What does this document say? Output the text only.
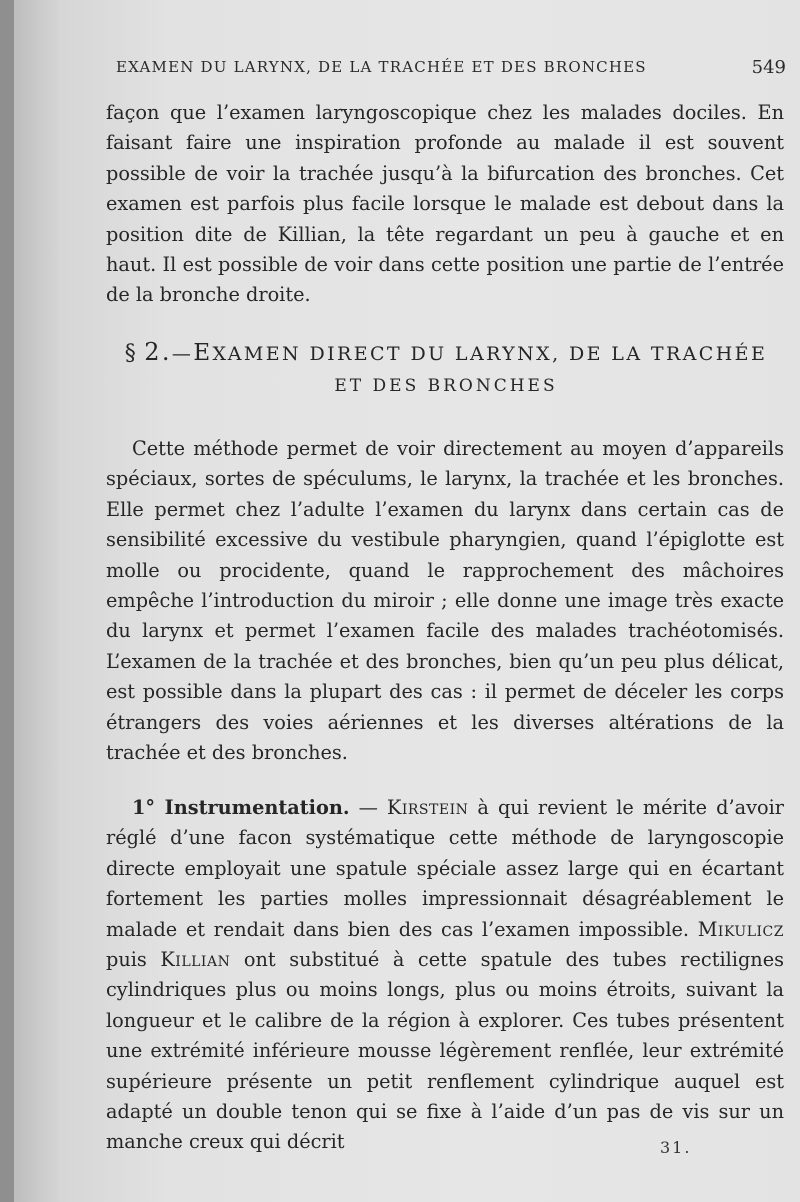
EXAMEN DU LARYNX, DE LA TRACHÉE ET DES BRONCHES	549

façon que l’examen laryngoscopique chez les malades dociles. En faisant faire une inspiration profonde au malade il est souvent possible de voir la trachée jusqu’à la bifurcation des bronches. Cet examen est parfois plus facile lorsque le malade est debout dans la position dite de Killian, la tête regardant un peu à gauche et en haut. Il est possible de voir dans cette position une partie de l’entrée de la bronche droite.

§ 2.—EXAMEN DIRECT DU LARYNX, DE LA TRACHÉE
ET DES BRONCHES

Cette méthode permet de voir directement au moyen d’appareils spéciaux, sortes de spéculums, le larynx, la trachée et les bronches. Elle permet chez l’adulte l’examen du larynx dans certain cas de sensibilité excessive du vestibule pharyngien, quand l’épiglotte est molle ou procidente, quand le rapprochement des mâchoires empêche l’introduction du miroir ; elle donne une image très exacte du larynx et permet l’examen facile des malades trachéotomisés. L’examen de la trachée et des bronches, bien qu’un peu plus délicat, est possible dans la plupart des cas : il permet de déceler les corps étrangers des voies aériennes et les diverses altérations de la trachée et des bronches.

1° Instrumentation. — Kirstein à qui revient le mérite d’avoir réglé d’une facon systématique cette méthode de laryngoscopie directe employait une spatule spéciale assez large qui en écartant fortement les parties molles impressionnait désagréablement le malade et rendait dans bien des cas l’examen impossible. Mikulicz puis Killian ont substitué à cette spatule des tubes rectilignes cylindriques plus ou moins longs, plus ou moins étroits, suivant la longueur et le calibre de la région à explorer. Ces tubes présentent une extrémité inférieure mousse légèrement renflée, leur extrémité supérieure présente un petit renflement cylindrique auquel est adapté un double tenon qui se fixe à l’aide d’un pas de vis sur un manche creux qui décrit	31.
